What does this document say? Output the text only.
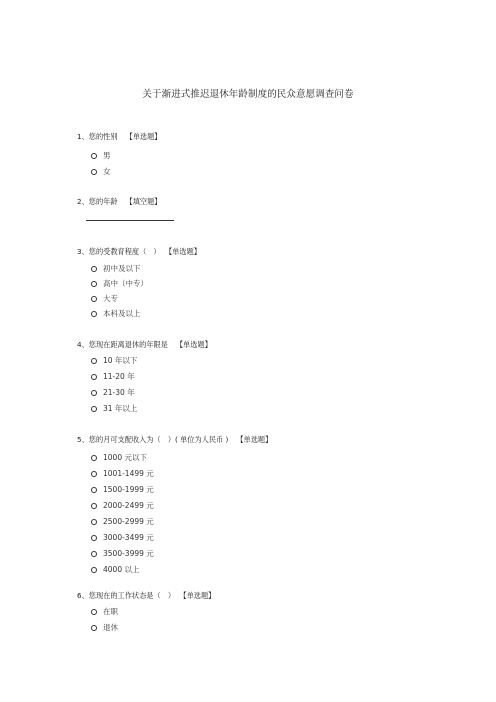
关于渐进式推迟退休年龄制度的民众意愿调查问卷
1、您的性别 【单选题】
男
女
2、您的年龄 【填空题】
3、您的受教育程度（　） 【单选题】
初中及以下
高中（中专）
大专
本科及以上
4、您现在距离退休的年限是 【单选题】
10 年以下
11-20 年
21-30 年
31 年以上
5、您的月可支配收入为（　）( 单位为人民币 ) 【单选题】
1000 元以下
1001-1499 元
1500-1999 元
2000-2499 元
2500-2999 元
3000-3499 元
3500-3999 元
4000 以上
6、您现在的工作状态是（　） 【单选题】
在职
退休
